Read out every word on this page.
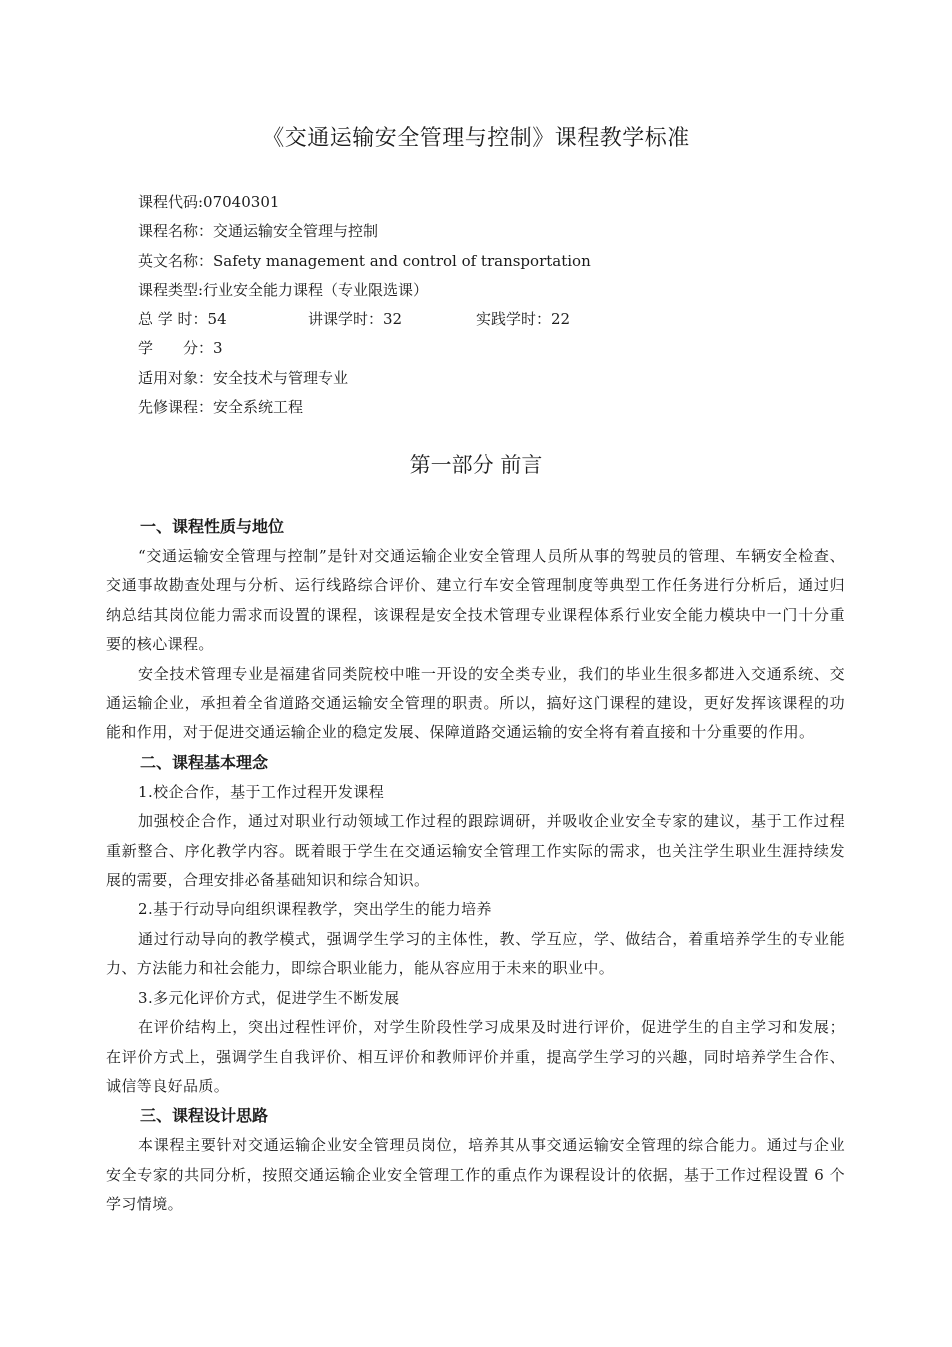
《交通运输安全管理与控制》课程教学标准
课程代码:07040301
课程名称：交通运输安全管理与控制
英文名称：Safety management and control of transportation
课程类型:行业安全能力课程（专业限选课）
总 学 时：54	讲课学时：32	实践学时：22
学　　分：3
适用对象：安全技术与管理专业
先修课程：安全系统工程
第一部分 前言
一、课程性质与地位

“交通运输安全管理与控制”是针对交通运输企业安全管理人员所从事的驾驶员的管理、车辆安全检查、交通事故勘查处理与分析、运行线路综合评价、建立行车安全管理制度等典型工作任务进行分析后，通过归纳总结其岗位能力需求而设置的课程，该课程是安全技术管理专业课程体系行业安全能力模块中一门十分重要的核心课程。

安全技术管理专业是福建省同类院校中唯一开设的安全类专业，我们的毕业生很多都进入交通系统、交通运输企业，承担着全省道路交通运输安全管理的职责。所以，搞好这门课程的建设，更好发挥该课程的功能和作用，对于促进交通运输企业的稳定发展、保障道路交通运输的安全将有着直接和十分重要的作用。

二、课程基本理念

1.校企合作，基于工作过程开发课程

加强校企合作，通过对职业行动领域工作过程的跟踪调研，并吸收企业安全专家的建议，基于工作过程重新整合、序化教学内容。既着眼于学生在交通运输安全管理工作实际的需求，也关注学生职业生涯持续发展的需要，合理安排必备基础知识和综合知识。

2.基于行动导向组织课程教学，突出学生的能力培养

通过行动导向的教学模式，强调学生学习的主体性，教、学互应，学、做结合，着重培养学生的专业能力、方法能力和社会能力，即综合职业能力，能从容应用于未来的职业中。

3.多元化评价方式，促进学生不断发展

在评价结构上，突出过程性评价，对学生阶段性学习成果及时进行评价，促进学生的自主学习和发展；在评价方式上，强调学生自我评价、相互评价和教师评价并重，提高学生学习的兴趣，同时培养学生合作、诚信等良好品质。

三、课程设计思路

本课程主要针对交通运输企业安全管理员岗位，培养其从事交通运输安全管理的综合能力。通过与企业安全专家的共同分析，按照交通运输企业安全管理工作的重点作为课程设计的依据，基于工作过程设置 6 个学习情境。
